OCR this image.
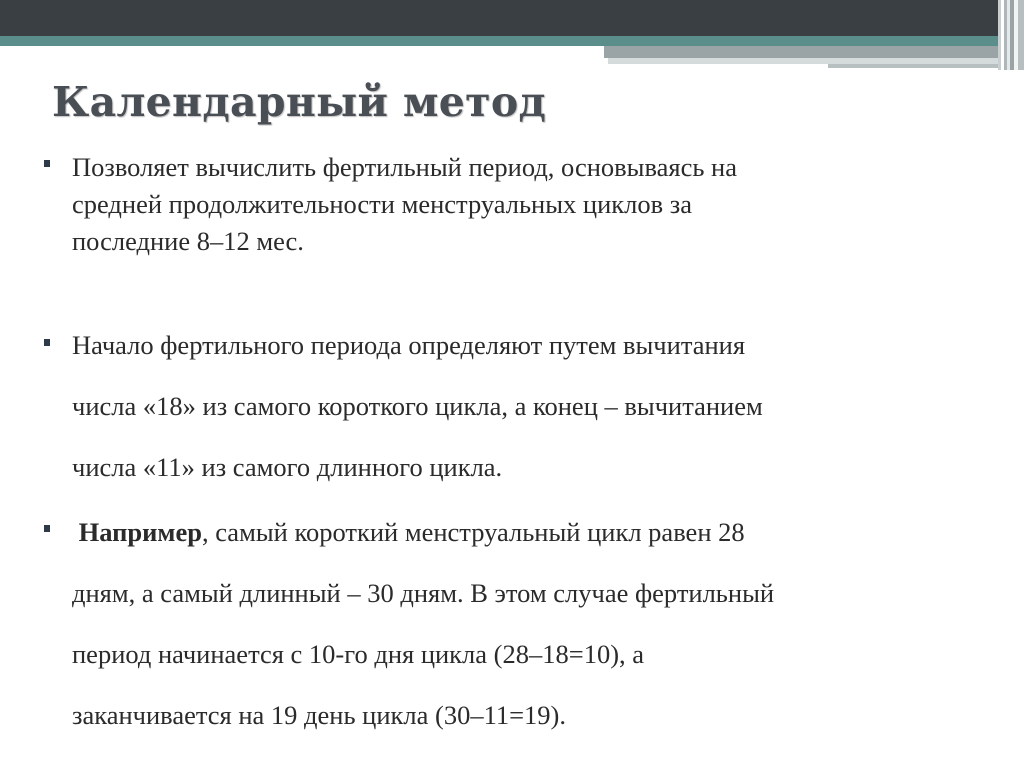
Календарный метод
Позволяет вычислить фертильный период, основываясь на
средней продолжительности менструальных циклов за
последние 8–12 мес.
Начало фертильного периода определяют путем вычитания
числа «18» из самого короткого цикла, а конец – вычитанием
числа «11» из самого длинного цикла.
Например, самый короткий менструальный цикл равен 28
дням, а самый длинный – 30 дням. В этом случае фертильный
период начинается с 10-го дня цикла (28–18=10), а
заканчивается на 19 день цикла (30–11=19).
